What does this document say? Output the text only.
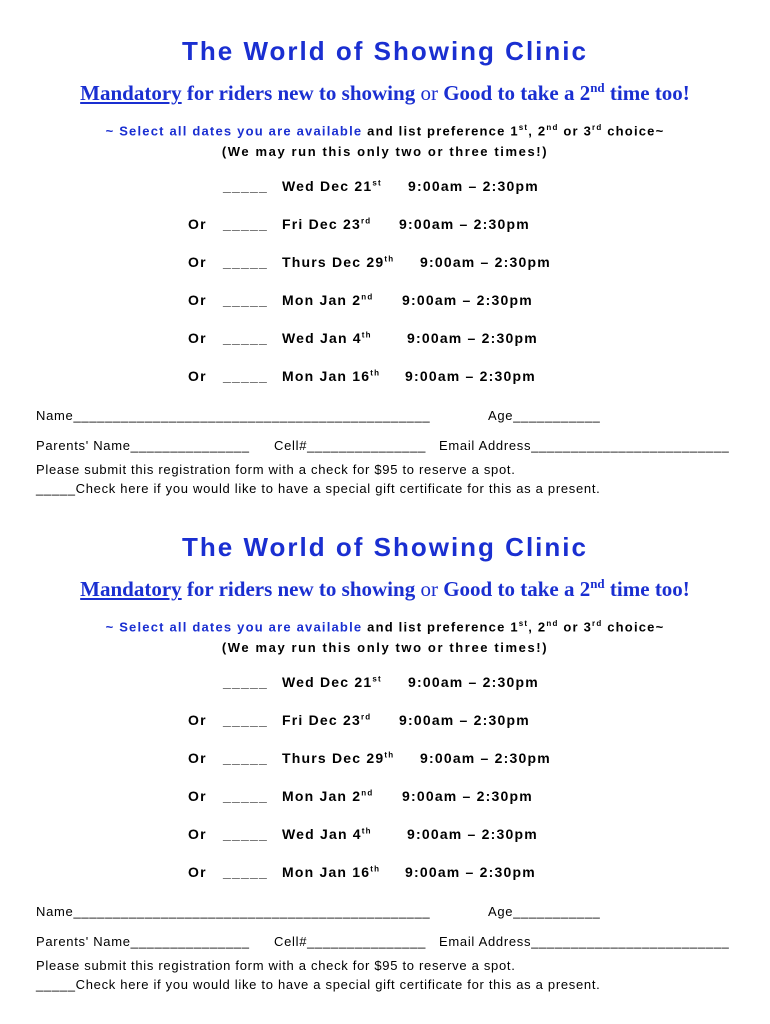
The World of Showing Clinic
Mandatory for riders new to showing or Good to take a 2nd time too!
~ Select all dates you are available and list preference 1st, 2nd or 3rd choice~
(We may run this only two or three times!)
_____ Wed Dec 21st 9:00am – 2:30pm
Or _____ Fri Dec 23rd 9:00am – 2:30pm
Or _____ Thurs Dec 29th 9:00am – 2:30pm
Or _____ Mon Jan 2nd 9:00am – 2:30pm
Or _____ Wed Jan 4th	9:00am – 2:30pm
Or _____ Mon Jan 16th 9:00am – 2:30pm
Name_____________________________________________	Age___________
Parents' Name_______________ Cell#_______________ Email Address_________________________
Please submit this registration form with a check for $95 to reserve a spot.
_____Check here if you would like to have a special gift certificate for this as a present.
The World of Showing Clinic
Mandatory for riders new to showing or Good to take a 2nd time too!
~ Select all dates you are available and list preference 1st, 2nd or 3rd choice~
(We may run this only two or three times!)
_____ Wed Dec 21st 9:00am – 2:30pm
Or _____ Fri Dec 23rd 9:00am – 2:30pm
Or _____ Thurs Dec 29th 9:00am – 2:30pm
Or _____ Mon Jan 2nd 9:00am – 2:30pm
Or _____ Wed Jan 4th	9:00am – 2:30pm
Or _____ Mon Jan 16th 9:00am – 2:30pm
Name_____________________________________________	Age___________
Parents' Name_______________ Cell#_______________ Email Address_________________________
Please submit this registration form with a check for $95 to reserve a spot.
_____Check here if you would like to have a special gift certificate for this as a present.
